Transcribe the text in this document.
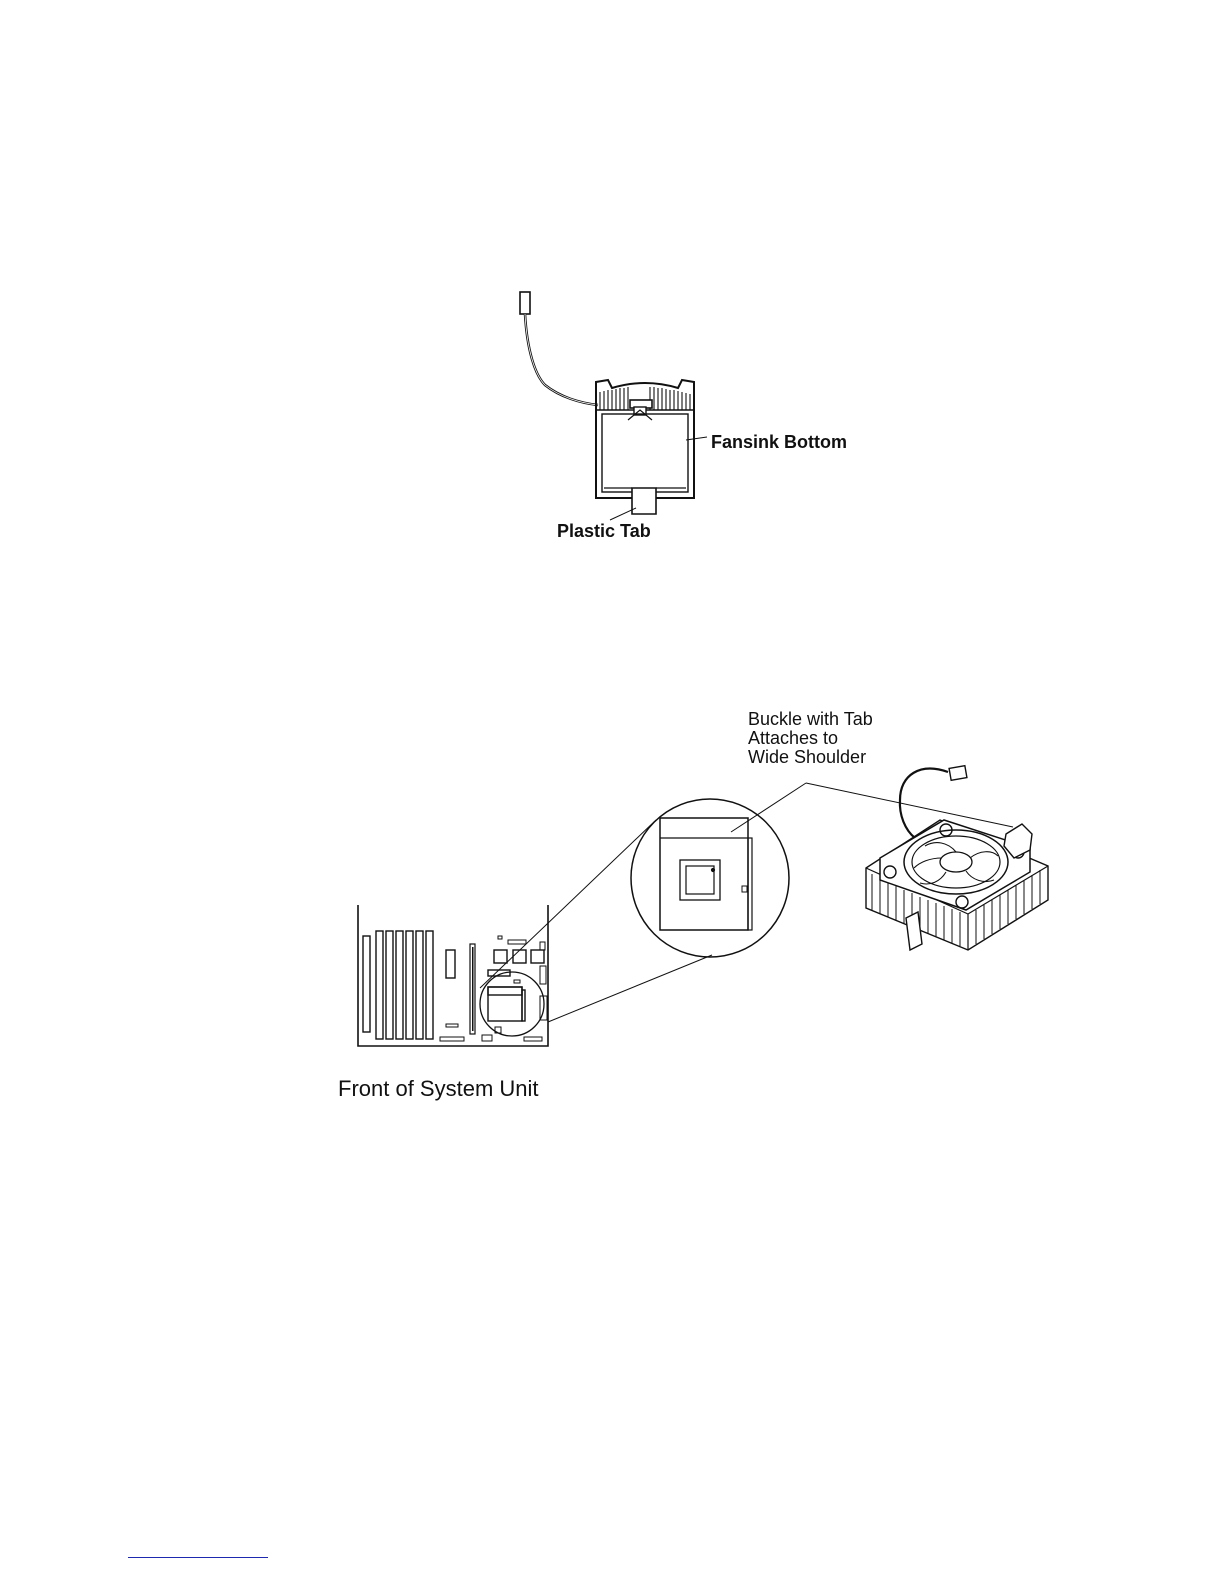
Fansink Bottom
Plastic Tab
Buckle with Tab
Attaches to
Wide Shoulder
Front of System Unit
